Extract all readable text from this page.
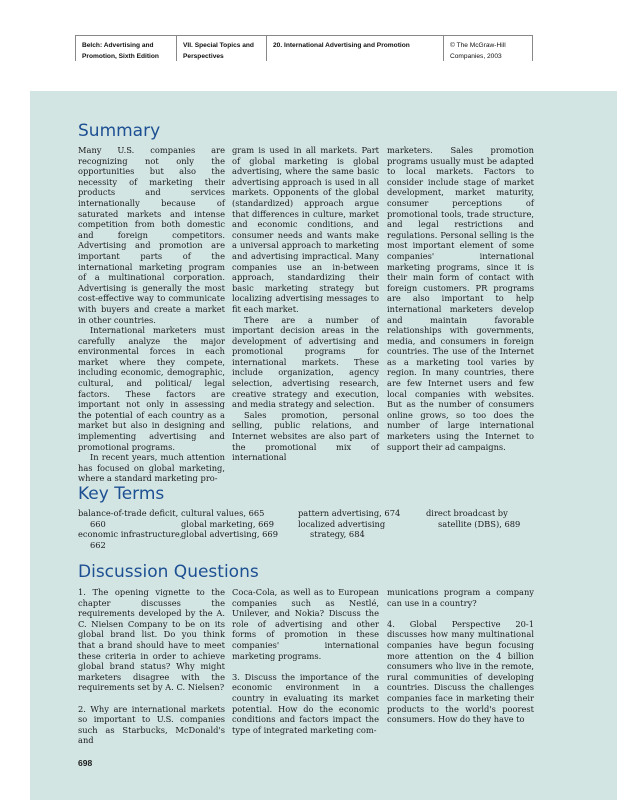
Belch: Advertising and Promotion, Sixth Edition
VII. Special Topics and Perspectives
20. International Advertising and Promotion	© The McGraw-Hill Companies, 2003
Summary

Many U.S. companies are recognizing not only the opportunities but also the necessity of marketing their products and services internationally because of saturated markets and intense competition from both domestic and foreign competitors. Advertising and promotion are important parts of the international marketing program of a multinational corporation. Advertising is generally the most cost-effective way to communicate with buyers and create a market in other countries.

International marketers must carefully analyze the major environmental forces in each market where they compete, including economic, demographic, cultural, and political/ legal factors. These factors are important not only in assessing the potential of each country as a market but also in designing and implementing advertising and promotional programs.

In recent years, much attention has focused on global marketing, where a standard marketing pro-

gram is used in all markets. Part of global marketing is global advertising, where the same basic advertising approach is used in all markets. Opponents of the global (standardized) approach argue that differences in culture, market and economic conditions, and consumer needs and wants make a universal approach to marketing and advertising impractical. Many companies use an in-between approach, standardizing their basic marketing strategy but localizing advertising messages to fit each market.

There are a number of important decision areas in the development of advertising and promotional programs for international markets. These include organization, agency selection, advertising research, creative strategy and execution, and media strategy and selection.

Sales promotion, personal selling, public relations, and Internet websites are also part of the promotional mix of international

marketers. Sales promotion programs usually must be adapted to local markets. Factors to consider include stage of market development, market maturity, consumer perceptions of promotional tools, trade structure, and legal restrictions and regulations. Personal selling is the most important element of some companies' international marketing programs, since it is their main form of contact with foreign customers. PR programs are also important to help international marketers develop and maintain favorable relationships with governments, media, and consumers in foreign countries. The use of the Internet as a marketing tool varies by region. In many countries, there are few Internet users and few local companies with websites. But as the number of consumers online grows, so too does the number of large international marketers using the Internet to support their ad campaigns.

Key Terms
balance-of-trade deficit, 660
economic infrastructure, 662
cultural values, 665
global marketing, 669
global advertising, 669
pattern advertising, 674
localized advertising strategy, 684
direct broadcast by satellite (DBS), 689
Discussion Questions

1. The opening vignette to the chapter discusses the requirements developed by the A. C. Nielsen Company to be on its global brand list. Do you think that a brand should have to meet these criteria in order to achieve global brand status? Why might marketers disagree with the requirements set by A. C. Nielsen?

2. Why are international markets so important to U.S. companies such as Starbucks, McDonald's and

Coca-Cola, as well as to European companies such as Nestlé, Unilever, and Nokia? Discuss the role of advertising and other forms of promotion in these companies' international marketing programs.

3. Discuss the importance of the economic environment in a country in evaluating its market potential. How do the economic conditions and factors impact the type of integrated marketing com-

munications program a company can use in a country?

4. Global Perspective 20-1 discusses how many multinational companies have begun focusing more attention on the 4 billion consumers who live in the remote, rural communities of developing countries. Discuss the challenges companies face in marketing their products to the world's poorest consumers. How do they have to

698
